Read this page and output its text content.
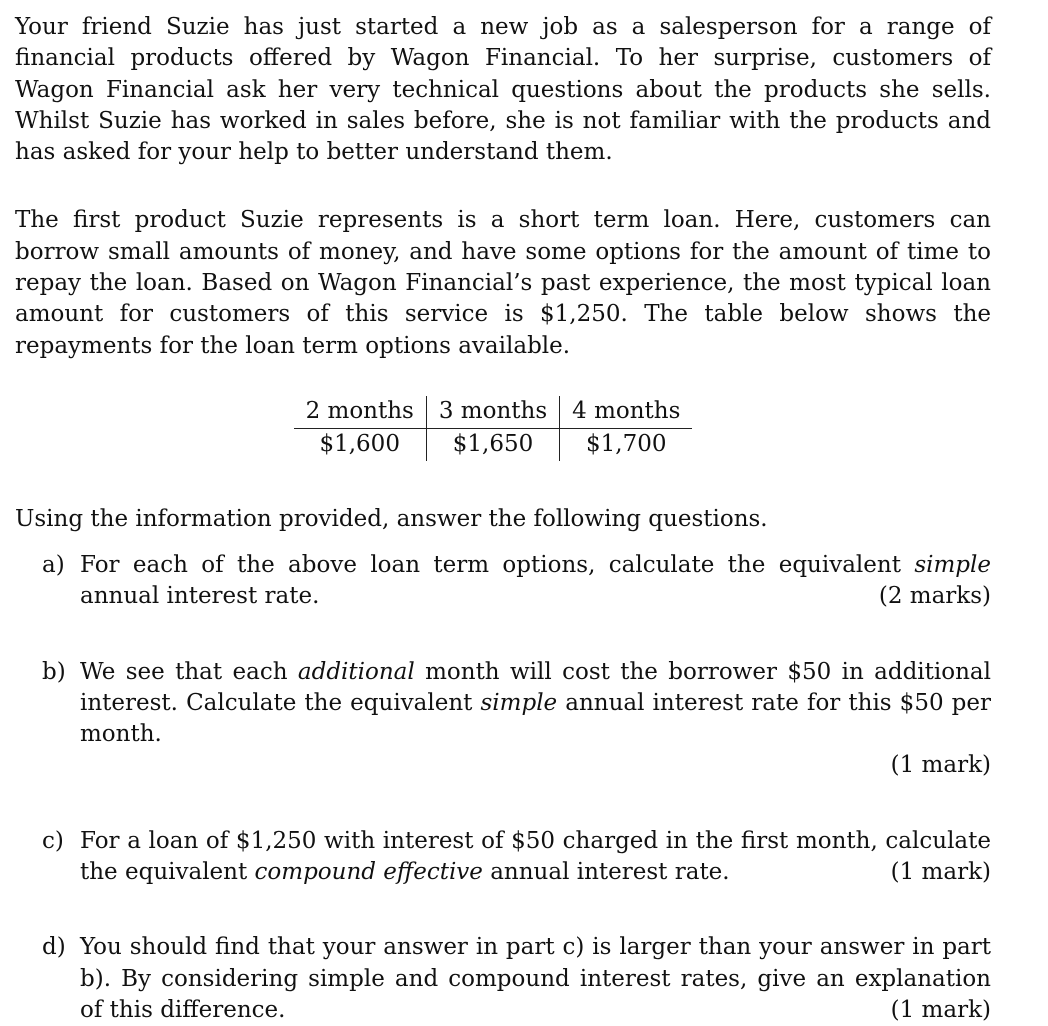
Your friend Suzie has just started a new job as a salesperson for a range of financial products offered by Wagon Financial. To her surprise, customers of Wagon Financial ask her very technical questions about the products she sells. Whilst Suzie has worked in sales before, she is not familiar with the products and has asked for your help to better understand them.

The first product Suzie represents is a short term loan. Here, customers can borrow small amounts of money, and have some options for the amount of time to repay the loan. Based on Wagon Financial’s past experience, the most typical loan amount for customers of this service is $1,250. The table below shows the repayments for the loan term options available.

2 months	3 months	4 months
$1,600	$1,650	$1,700

Using the information provided, answer the following questions.

a) For each of the above loan term options, calculate the equivalent simple annual interest rate.	(2 marks)
b) We see that each additional month will cost the borrower $50 in additional interest. Calculate the equivalent simple annual interest rate for this $50 per month.
(1 mark)
c) For a loan of $1,250 with interest of $50 charged in the first month, calculate the equivalent compound effective annual interest rate.	(1 mark)
d) You should find that your answer in part c) is larger than your answer in part b). By considering simple and compound interest rates, give an explanation of this difference.	(1 mark)
